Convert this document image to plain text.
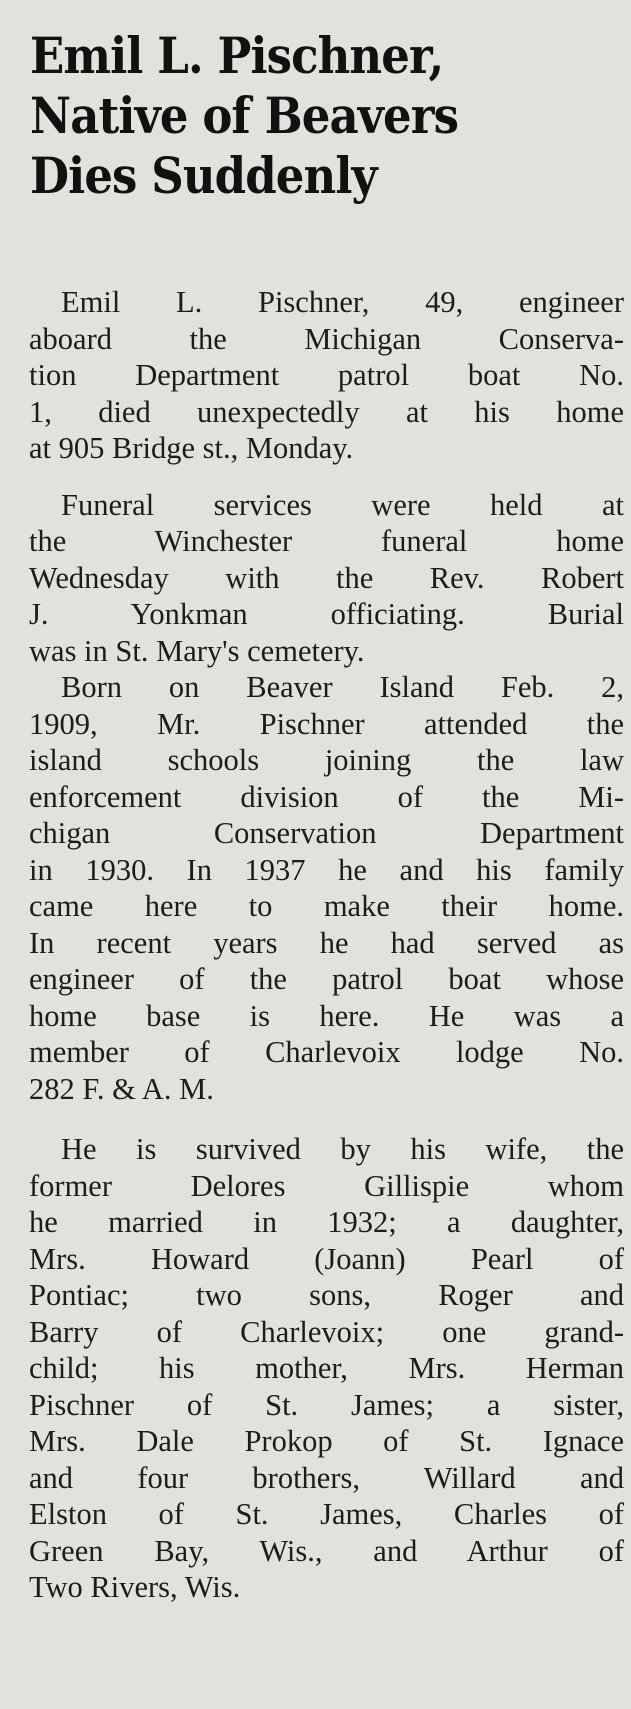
Emil L. Pischner,
Native of Beavers
Dies Suddenly
Emil L. Pischner, 49, engineer
aboard the Michigan Conserva-
tion Department patrol boat No.
1, died unexpectedly at his home
at 905 Bridge st., Monday.
Funeral services were held at
the Winchester funeral home
Wednesday with the Rev. Robert
J. Yonkman officiating. Burial
was in St. Mary's cemetery.
Born on Beaver Island Feb. 2,
1909, Mr. Pischner attended the
island schools joining the law
enforcement division of the Mi-
chigan Conservation Department
in 1930. In 1937 he and his family
came here to make their home.
In recent years he had served as
engineer of the patrol boat whose
home base is here. He was a
member of Charlevoix lodge No.
282 F. & A. M.
He is survived by his wife, the
former Delores Gillispie whom
he married in 1932; a daughter,
Mrs. Howard (Joann) Pearl of
Pontiac; two sons, Roger and
Barry of Charlevoix; one grand-
child; his mother, Mrs. Herman
Pischner of St. James; a sister,
Mrs. Dale Prokop of St. Ignace
and four brothers, Willard and
Elston of St. James, Charles of
Green Bay, Wis., and Arthur of
Two Rivers, Wis.
